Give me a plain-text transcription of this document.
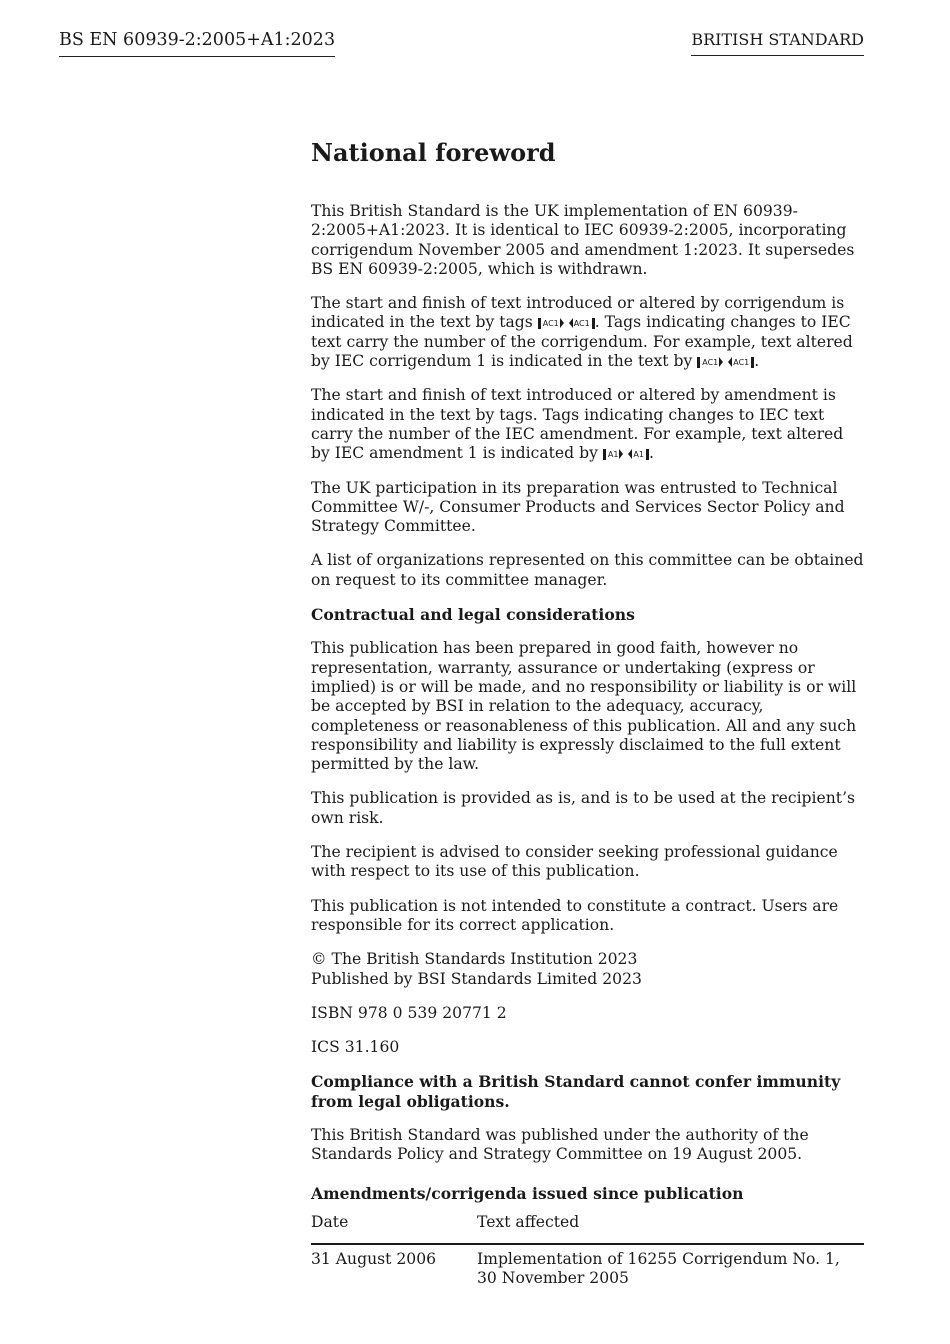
BS EN 60939-2:2005+A1:2023	BRITISH STANDARD
National foreword

This British Standard is the UK implementation of EN 60939-2:2005+A1:2023. It is identical to IEC 60939-2:2005, incorporating corrigendum November 2005 and amendment 1:2023. It supersedes BS EN 60939-2:2005, which is withdrawn.

The start and finish of text introduced or altered by corrigendum is indicated in the text by tags AC1 AC1 . Tags indicating changes to IEC text carry the number of the corrigendum. For example, text altered by IEC corrigendum 1 is indicated in the text by AC1 AC1 .

The start and finish of text introduced or altered by amendment is indicated in the text by tags. Tags indicating changes to IEC text carry the number of the IEC amendment. For example, text altered by IEC amendment 1 is indicated by A1 A1 .

The UK participation in its preparation was entrusted to Technical Committee W/-, Consumer Products and Services Sector Policy and Strategy Committee.

A list of organizations represented on this committee can be obtained on request to its committee manager.

Contractual and legal considerations

This publication has been prepared in good faith, however no representation, warranty, assurance or undertaking (express or implied) is or will be made, and no responsibility or liability is or will be accepted by BSI in relation to the adequacy, accuracy, completeness or reasonableness of this publication. All and any such responsibility and liability is expressly disclaimed to the full extent permitted by the law.

This publication is provided as is, and is to be used at the recipient’s own risk.

The recipient is advised to consider seeking professional guidance with respect to its use of this publication.

This publication is not intended to constitute a contract. Users are responsible for its correct application.

© The British Standards Institution 2023
Published by BSI Standards Limited 2023

ISBN 978 0 539 20771 2

ICS 31.160

Compliance with a British Standard cannot confer immunity from legal obligations.

This British Standard was published under the authority of the Standards Policy and Strategy Committee on 19 August 2005.

Amendments/corrigenda issued since publication
Date	Text affected
31 August 2006	Implementation of 16255 Corrigendum No. 1, 30 November 2005
